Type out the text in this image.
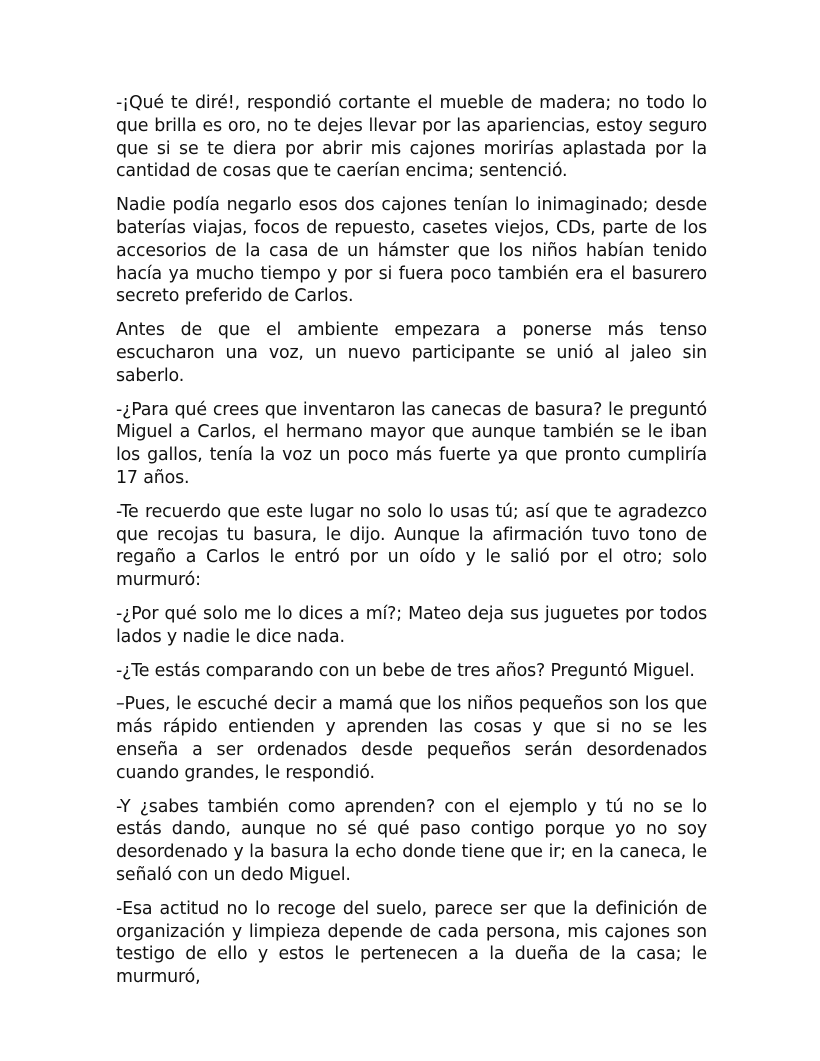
-¡Qué te diré!, respondió cortante el mueble de madera; no todo lo que brilla es oro, no te dejes llevar por las apariencias, estoy seguro que si se te diera por abrir mis cajones morirías aplastada por la cantidad de cosas que te caerían encima; sentenció.

Nadie podía negarlo esos dos cajones tenían lo inimaginado; desde baterías viajas, focos de repuesto, casetes viejos, CDs, parte de los accesorios de la casa de un hámster que los niños habían tenido hacía ya mucho tiempo y por si fuera poco también era el basurero secreto preferido de Carlos.

Antes de que el ambiente empezara a ponerse más tenso escucharon una voz, un nuevo participante se unió al jaleo sin saberlo.

-¿Para qué crees que inventaron las canecas de basura? le preguntó Miguel a Carlos, el hermano mayor que aunque también se le iban los gallos, tenía la voz un poco más fuerte ya que pronto cumpliría 17 años.

-Te recuerdo que este lugar no solo lo usas tú; así que te agradezco que recojas tu basura, le dijo. Aunque la afirmación tuvo tono de regaño a Carlos le entró por un oído y le salió por el otro; solo murmuró:

-¿Por qué solo me lo dices a mí?; Mateo deja sus juguetes por todos lados y nadie le dice nada.

-¿Te estás comparando con un bebe de tres años? Preguntó Miguel.

–Pues, le escuché decir a mamá que los niños pequeños son los que más rápido entienden y aprenden las cosas y que si no se les enseña a ser ordenados desde pequeños serán desordenados cuando grandes, le respondió.

-Y ¿sabes también como aprenden? con el ejemplo y tú no se lo estás dando, aunque no sé qué paso contigo porque yo no soy desordenado y la basura la echo donde tiene que ir; en la caneca, le señaló con un dedo Miguel.

-Esa actitud no lo recoge del suelo, parece ser que la definición de organización y limpieza depende de cada persona, mis cajones son testigo de ello y estos le pertenecen a la dueña de la casa; le murmuró,
